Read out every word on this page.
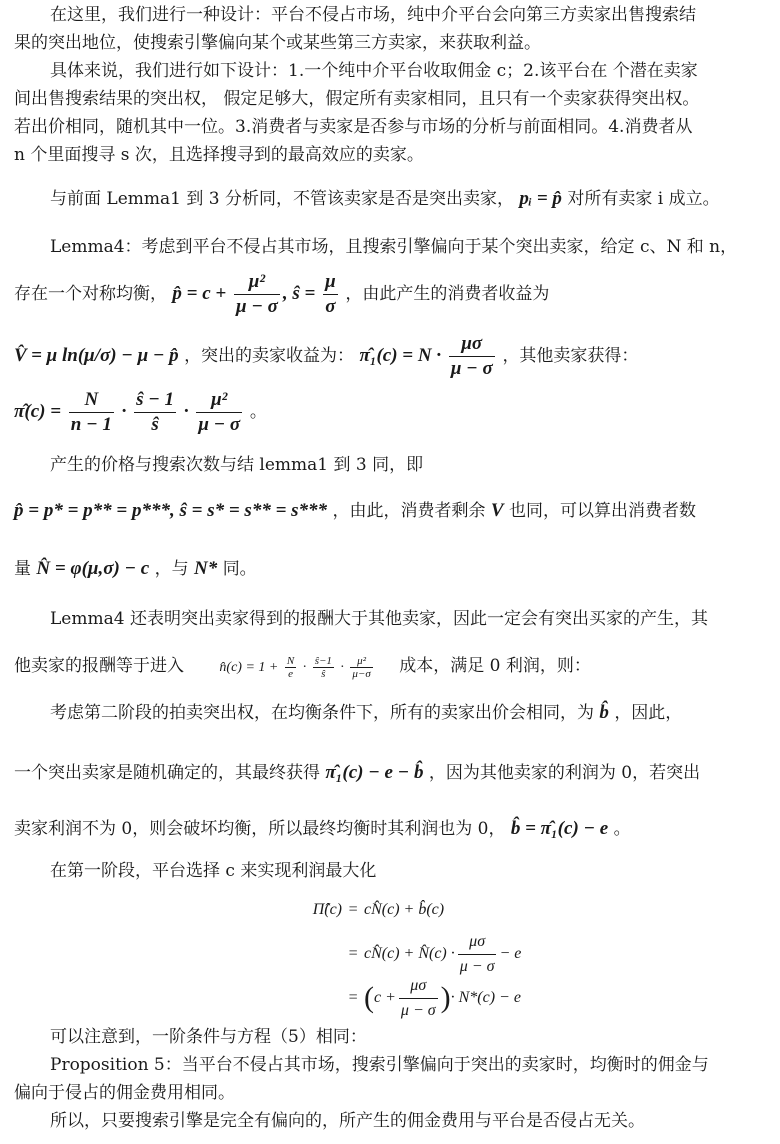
在这里，我们进行一种设计：平台不侵占市场，纯中介平台会向第三方卖家出售搜索结
果的突出地位，使搜索引擎偏向某个或某些第三方卖家，来获取利益。
具体来说，我们进行如下设计：1.一个纯中介平台收取佣金 c；2.该平台在 个潜在卖家
间出售搜索结果的突出权， 假定足够大，假定所有卖家相同，且只有一个卖家获得突出权。
若出价相同，随机其中一位。3.消费者与卖家是否参与市场的分析与前面相同。4.消费者从
n 个里面搜寻 s 次，且选择搜寻到的最高效应的卖家。
与前面 Lemma1 到 3 分析同，不管该卖家是否是突出卖家， pᵢ = p̂ 对所有卖家 i 成立。
Lemma4：考虑到平台不侵占其市场，且搜索引擎偏向于某个突出卖家，给定 c、N 和 n，
存在一个对称均衡， p̂ = $c + \frac{\text{μ²}}{\mu - \sigma}$ , ŝ = $\frac{\mu}{\sigma}$ ，由此产生的消费者收益为
V̂ = μ ln(μ/σ) − μ − p̂ ，突出的卖家收益为： π̂₁(c) = $N \cdot \frac{\mu\sigma}{\mu - \sigma}$ ，其他卖家获得：
π̂(c) = $\frac{N}{n - 1} \cdot \frac{ŝ - 1}{ŝ} \cdot \frac{\text{μ²}}{\mu - \sigma}$ 。
产生的价格与搜索次数与结 lemma1 到 3 同，即
p̂ = p* = p** = p***, ŝ = s* = s** = s*** ，由此，消费者剩余 V 也同，可以算出消费者数
量 N̂ = φ(μ,σ) − c ，与 N* 同。
Lemma4 还表明突出卖家得到的报酬大于其他卖家，因此一定会有突出买家的产生，其
他卖家的报酬等于进入	n̂(c) = $1 + \frac{N}{e} \cdot \frac{ŝ-1}{ŝ} \cdot \frac{\text{μ²}}{\mu-\sigma}$ 成本，满足 0 利润，则：
考虑第二阶段的拍卖突出权，在均衡条件下，所有的卖家出价会相同，为 b̂ ，因此，
一个突出卖家是随机确定的，其最终获得 π̂₁(c) − e − b̂ ，因为其他卖家的利润为 0，若突出
卖家利润不为 0，则会破坏均衡，所以最终均衡时其利润也为 0， b̂ = π̂₁(c) − e 。
在第一阶段，平台选择 c 来实现利润最大化
Π̂(c) = cN̂(c) + b̂(c)
= cN̂(c) + N̂(c) · $\frac{\mu\sigma}{\mu - \sigma} - e$
= ( $c + \frac{\mu\sigma}{\mu - \sigma}$ ) · N*(c) − e
可以注意到，一阶条件与方程（5）相同：
Proposition 5：当平台不侵占其市场，搜索引擎偏向于突出的卖家时，均衡时的佣金与
偏向于侵占的佣金费用相同。
所以，只要搜索引擎是完全有偏向的，所产生的佣金费用与平台是否侵占无关。
